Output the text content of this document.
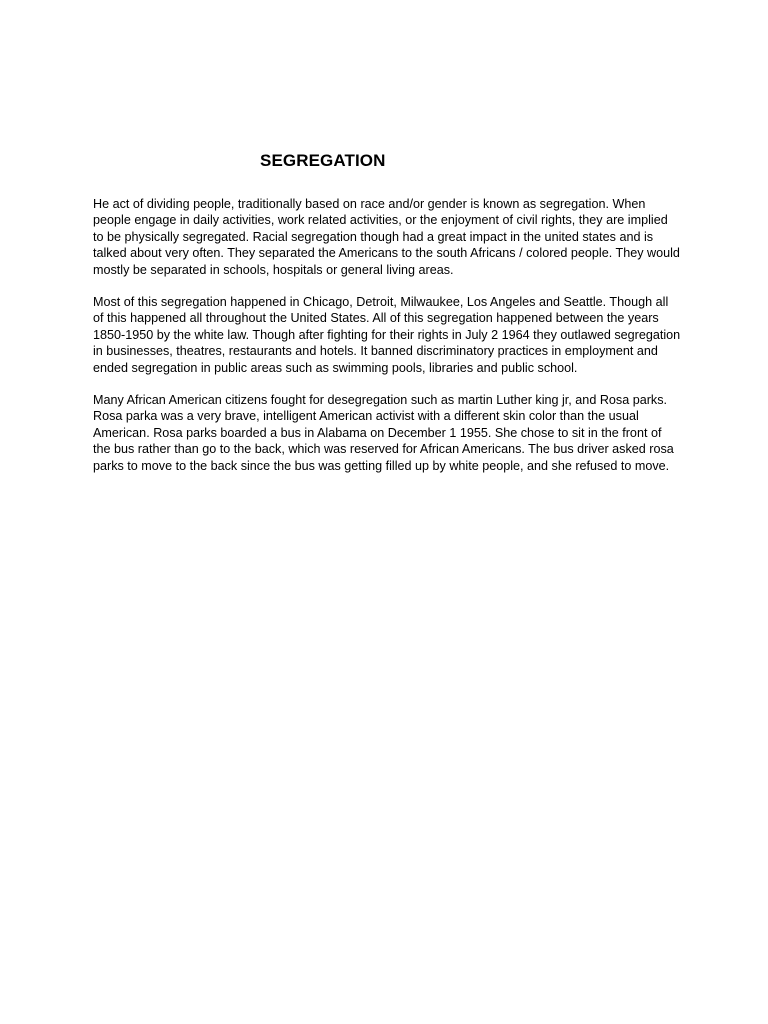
SEGREGATION

He act of dividing people, traditionally based on race and/or gender is known as segregation. When people engage in daily activities, work related activities, or the enjoyment of civil rights, they are implied to be physically segregated. Racial segregation though had a great impact in the united states and is talked about very often. They separated the Americans to the south Africans / colored people. They would mostly be separated in schools, hospitals or general living areas.

Most of this segregation happened in Chicago, Detroit, Milwaukee, Los Angeles and Seattle. Though all of this happened all throughout the United States. All of this segregation happened between the years 1850-1950 by the white law. Though after fighting for their rights in July 2 1964 they outlawed segregation in businesses, theatres, restaurants and hotels. It banned discriminatory practices in employment and ended segregation in public areas such as swimming pools, libraries and public school.

Many African American citizens fought for desegregation such as martin Luther king jr, and Rosa parks. Rosa parka was a very brave, intelligent American activist with a different skin color than the usual American. Rosa parks boarded a bus in Alabama on December 1 1955. She chose to sit in the front of the bus rather than go to the back, which was reserved for African Americans. The bus driver asked rosa parks to move to the back since the bus was getting filled up by white people, and she refused to move.
